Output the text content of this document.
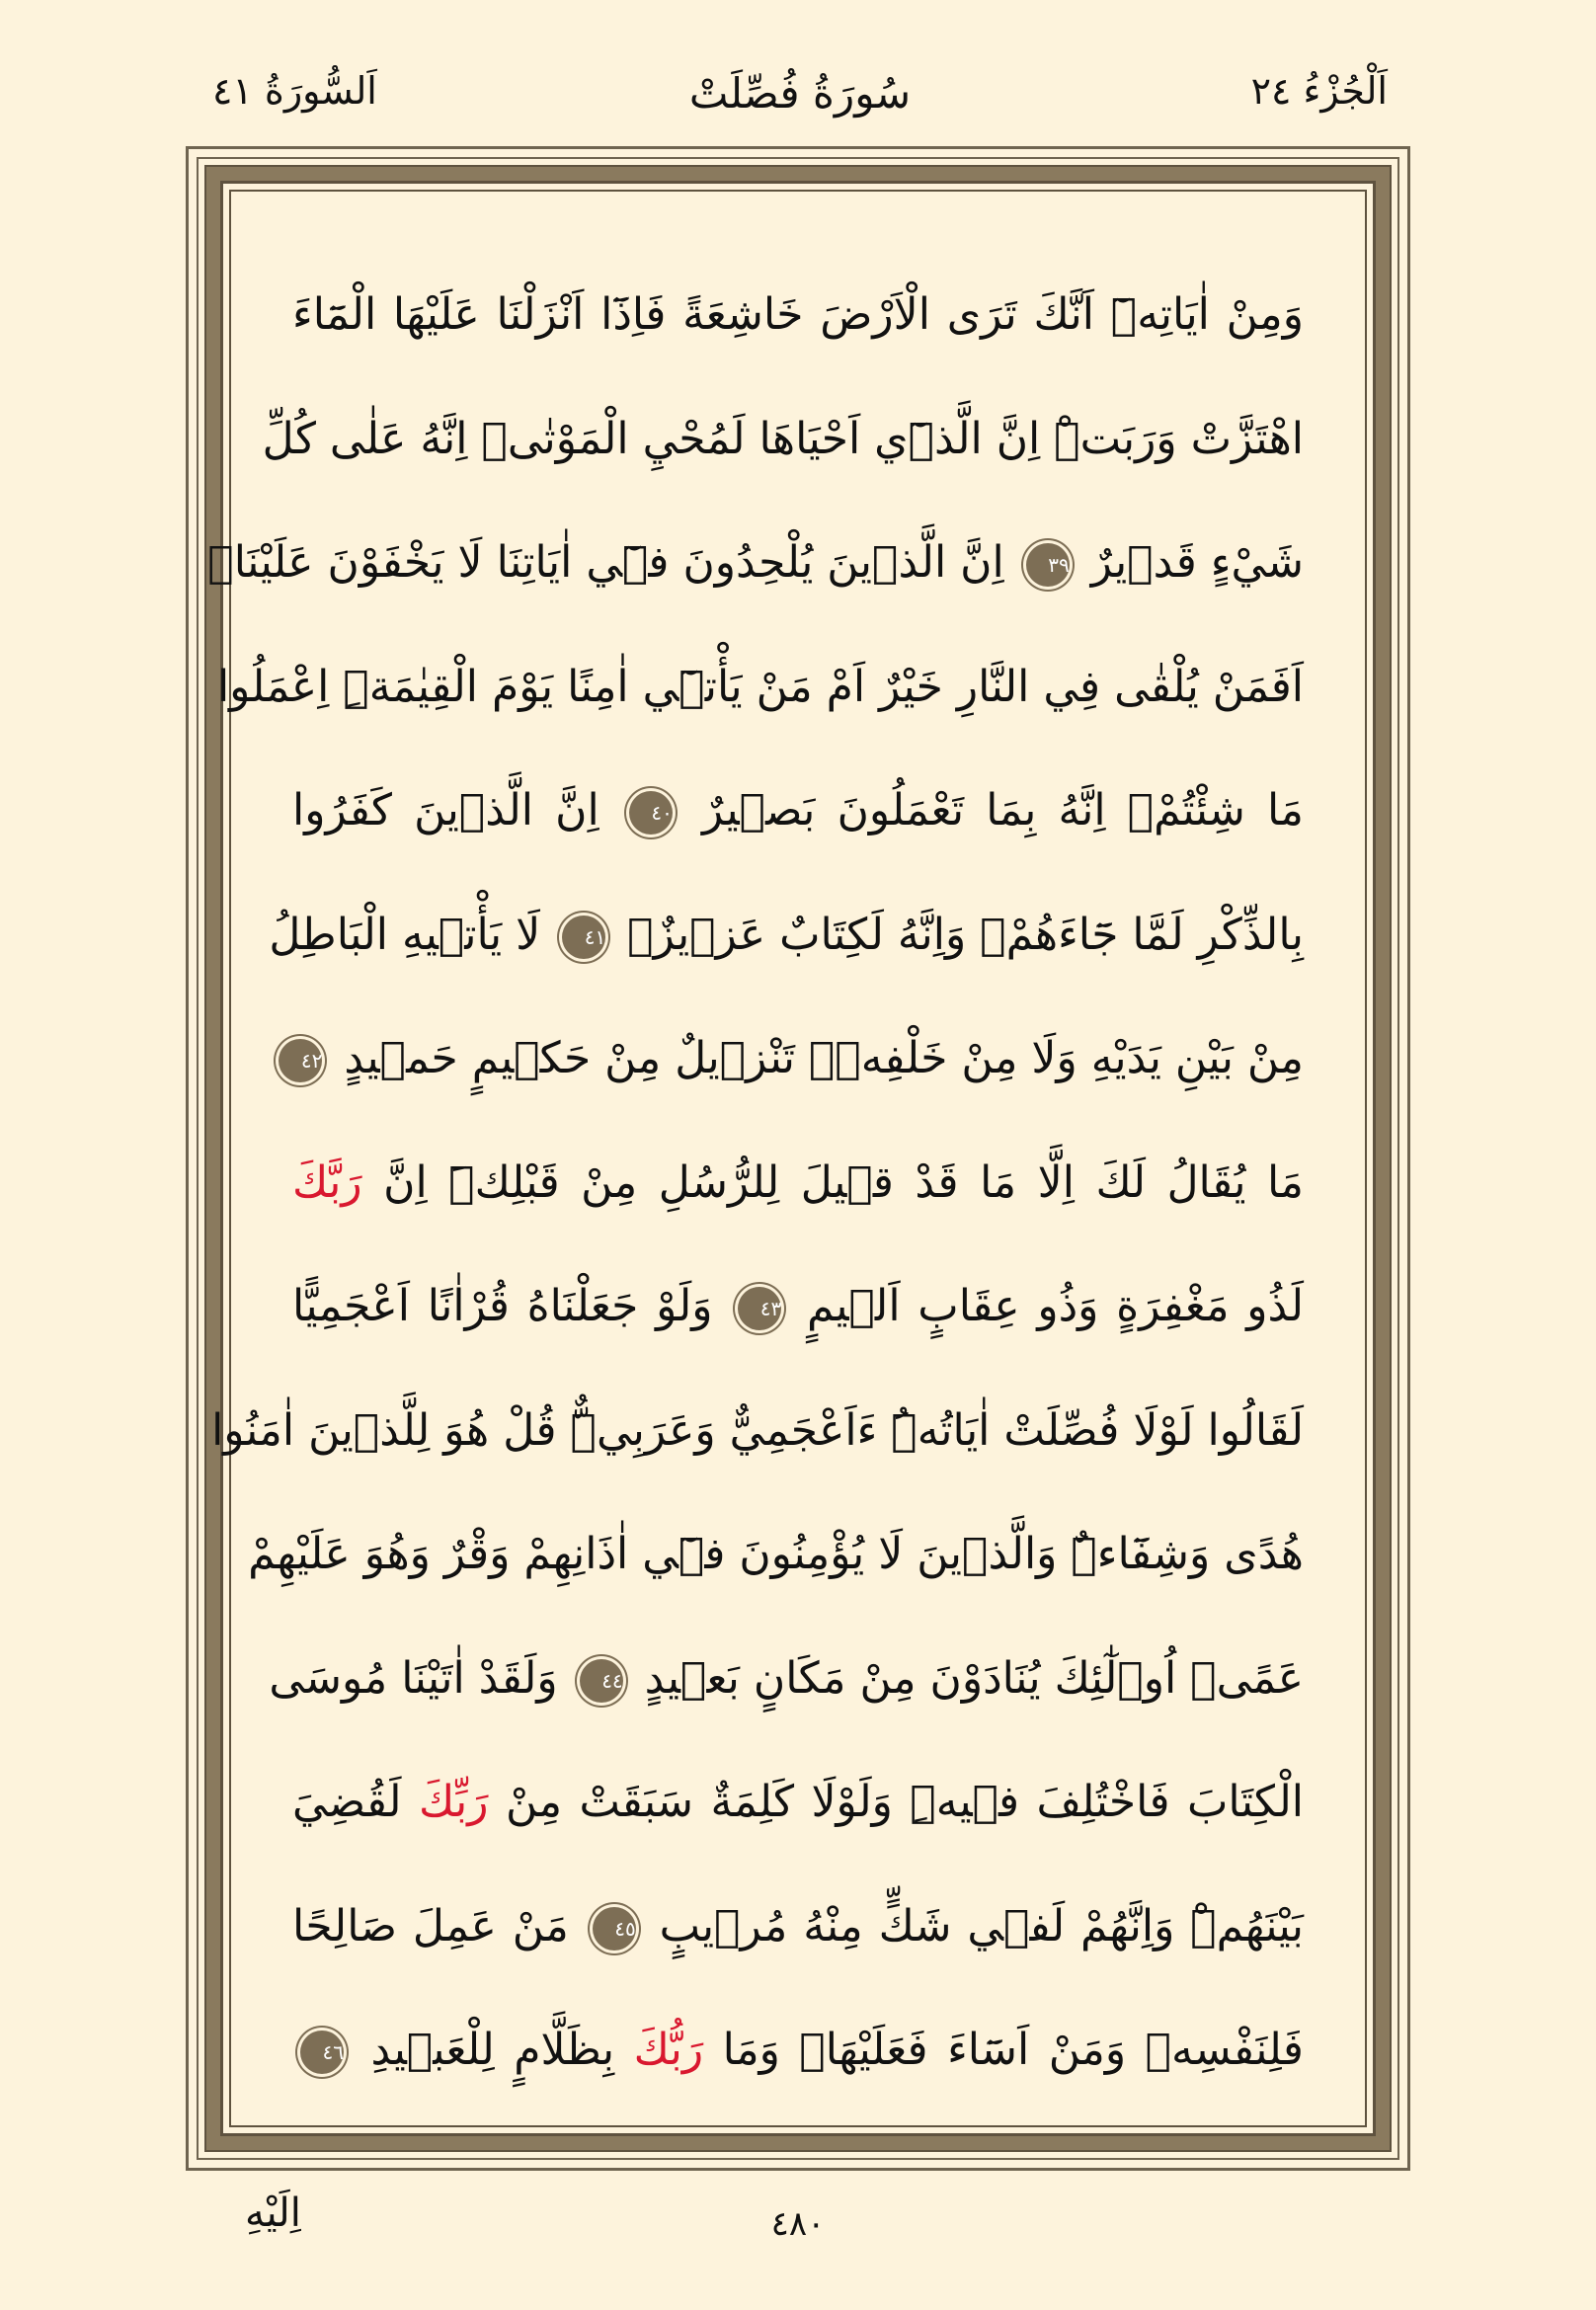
اَلْجُزْءُ ٢٤
سُورَةُ فُصِّلَتْ
اَلسُّورَةُ ٤١
وَمِنْ اٰيَاتِه۪ٓ اَنَّكَ تَرَى الْاَرْضَ خَاشِعَةً فَاِذَٓا اَنْزَلْنَا عَلَيْهَا الْمَٓاءَ
اهْتَزَّتْ وَرَبَتْۜ اِنَّ الَّذ۪ٓي اَحْيَاهَا لَمُحْيِ الْمَوْتٰىۜ اِنَّهُ عَلٰى كُلِّ
شَيْءٍ قَد۪يرٌ ٣٩ اِنَّ الَّذ۪ينَ يُلْحِدُونَ ف۪ٓي اٰيَاتِنَا لَا يَخْفَوْنَ عَلَيْنَاۜ
اَفَمَنْ يُلْقٰى فِي النَّارِ خَيْرٌ اَمْ مَنْ يَأْت۪ٓي اٰمِنًا يَوْمَ الْقِيٰمَةِۜ اِعْمَلُوا
مَا شِئْتُمْۙ اِنَّهُ بِمَا تَعْمَلُونَ بَص۪يرٌ ٤٠ اِنَّ الَّذ۪ينَ كَفَرُوا
بِالذِّكْرِ لَمَّا جَٓاءَهُمْۚ وَاِنَّهُ لَكِتَابٌ عَز۪يزٌۙ ٤١ لَا يَأْت۪يهِ الْبَاطِلُ
مِنْ بَيْنِ يَدَيْهِ وَلَا مِنْ خَلْفِه۪ۜ تَنْز۪يلٌ مِنْ حَك۪يمٍ حَم۪يدٍ ٤٢
مَا يُقَالُ لَكَ اِلَّا مَا قَدْ ق۪يلَ لِلرُّسُلِ مِنْ قَبْلِكَۜ اِنَّ رَبَّكَ
لَذُو مَغْفِرَةٍ وَذُو عِقَابٍ اَل۪يمٍ ٤٣ وَلَوْ جَعَلْنَاهُ قُرْاٰنًا اَعْجَمِيًّا
لَقَالُوا لَوْلَا فُصِّلَتْ اٰيَاتُهُۜ ءَاَعْجَمِيٌّ وَعَرَبِيٌّۜ قُلْ هُوَ لِلَّذ۪ينَ اٰمَنُوا
هُدًى وَشِفَٓاءٌۜ وَالَّذ۪ينَ لَا يُؤْمِنُونَ ف۪ٓي اٰذَانِهِمْ وَقْرٌ وَهُوَ عَلَيْهِمْ
عَمًىۜ اُو۬لٰٓئِكَ يُنَادَوْنَ مِنْ مَكَانٍ بَع۪يدٍ ٤٤ وَلَقَدْ اٰتَيْنَا مُوسَى
الْكِتَابَ فَاخْتُلِفَ ف۪يهِۜ وَلَوْلَا كَلِمَةٌ سَبَقَتْ مِنْ رَبِّكَ لَقُضِيَ
بَيْنَهُمْۜ وَاِنَّهُمْ لَف۪ي شَكٍّ مِنْهُ مُر۪يبٍ ٤٥ مَنْ عَمِلَ صَالِحًا
فَلِنَفْسِه۪ وَمَنْ اَسَٓاءَ فَعَلَيْهَاۜ وَمَا رَبُّكَ بِظَلَّامٍ لِلْعَب۪يدِ ٤٦
٤٨٠
اِلَيْهِ
